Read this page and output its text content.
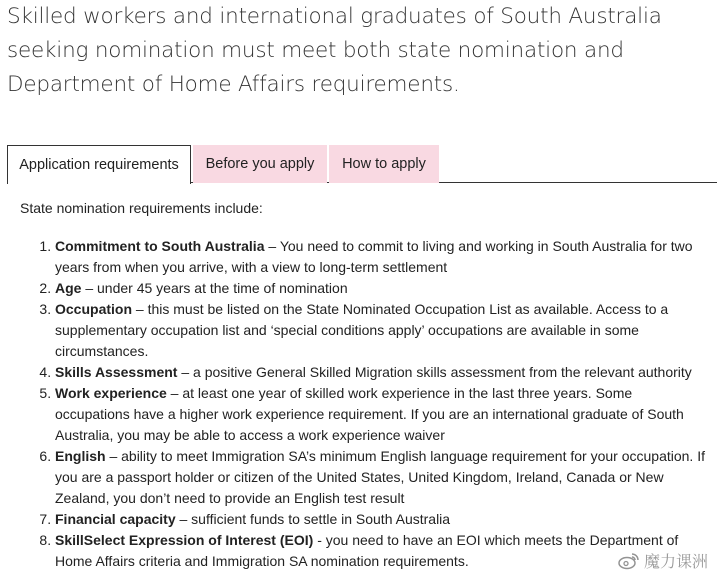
Skilled workers and international graduates of South Australia seeking nomination must meet both state nomination and Department of Home Affairs requirements.

Application requirements	Before you apply	How to apply

State nomination requirements include:

1. Commitment to South Australia – You need to commit to living and working in South Australia for two years from when you arrive, with a view to long-term settlement
2. Age – under 45 years at the time of nomination
3. Occupation – this must be listed on the State Nominated Occupation List as available. Access to a supplementary occupation list and ‘special conditions apply’ occupations are available in some circumstances.
4. Skills Assessment – a positive General Skilled Migration skills assessment from the relevant authority
5. Work experience – at least one year of skilled work experience in the last three years. Some occupations have a higher work experience requirement. If you are an international graduate of South Australia, you may be able to access a work experience waiver
6. English – ability to meet Immigration SA’s minimum English language requirement for your occupation. If you are a passport holder or citizen of the United States, United Kingdom, Ireland, Canada or New Zealand, you don’t need to provide an English test result
7. Financial capacity – sufficient funds to settle in South Australia
8. SkillSelect Expression of Interest (EOI) - you need to have an EOI which meets the Department of Home Affairs criteria and Immigration SA nomination requirements.	魔力课洲
